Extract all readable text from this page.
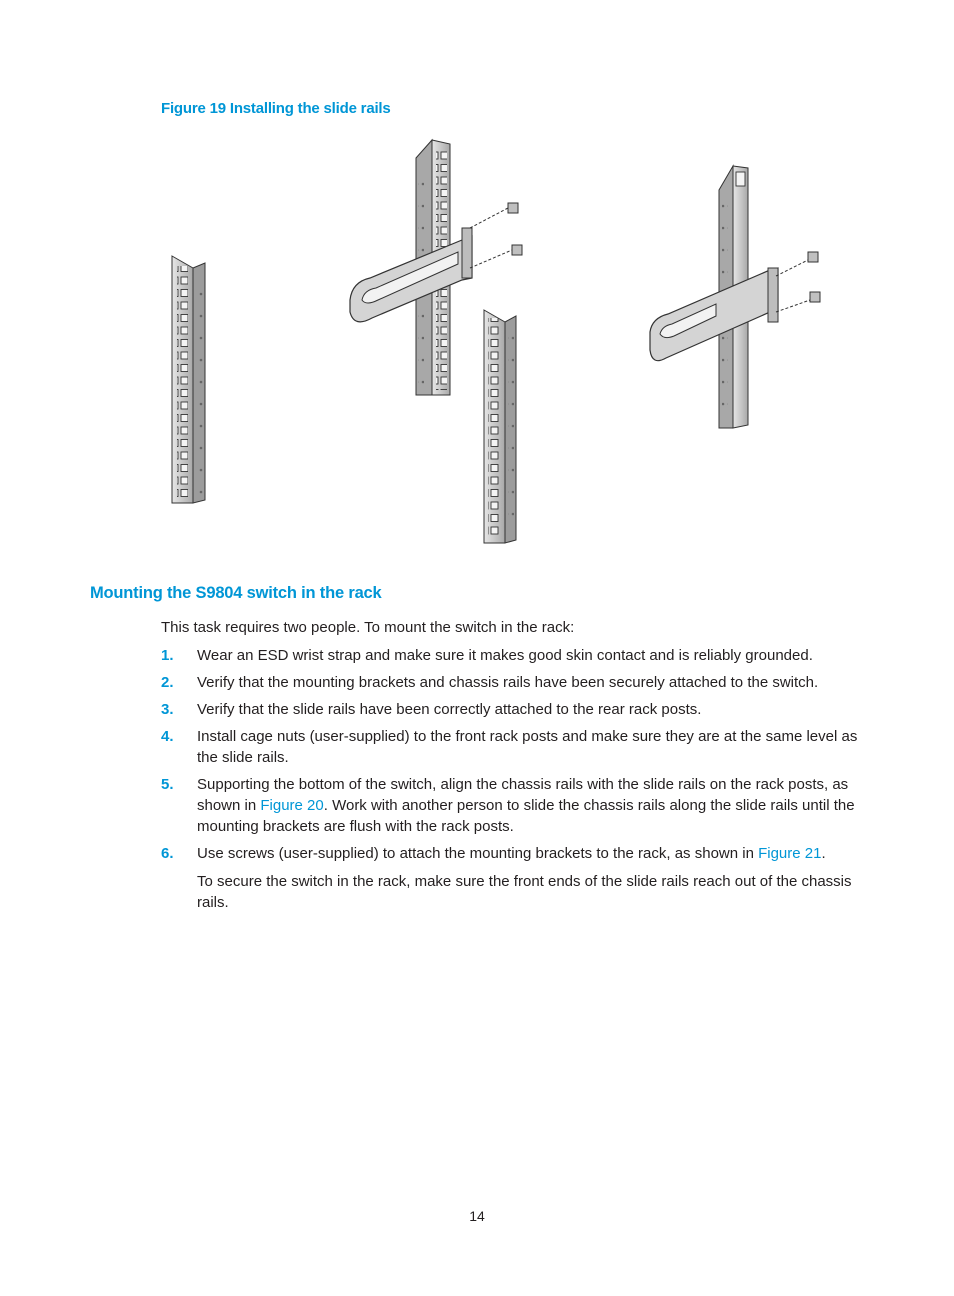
Figure 19 Installing the slide rails
Mounting the S9804 switch in the rack
This task requires two people. To mount the switch in the rack:
1. Wear an ESD wrist strap and make sure it makes good skin contact and is reliably grounded.
2. Verify that the mounting brackets and chassis rails have been securely attached to the switch.
3. Verify that the slide rails have been correctly attached to the rear rack posts.
4. Install cage nuts (user-supplied) to the front rack posts and make sure they are at the same level as the slide rails.
5. Supporting the bottom of the switch, align the chassis rails with the slide rails on the rack posts, as shown in Figure 20. Work with another person to slide the chassis rails along the slide rails until the mounting brackets are flush with the rack posts.
6. Use screws (user-supplied) to attach the mounting brackets to the rack, as shown in Figure 21.
To secure the switch in the rack, make sure the front ends of the slide rails reach out of the chassis rails.
14
